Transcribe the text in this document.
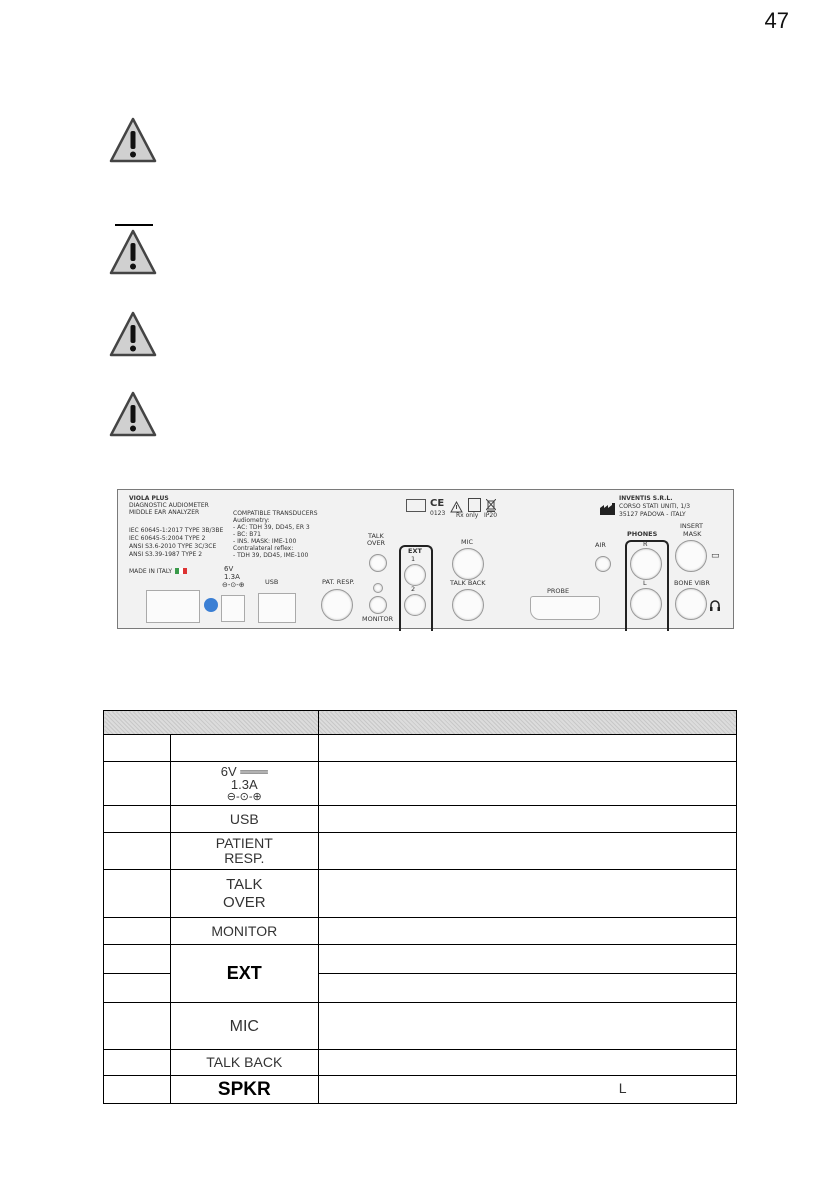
47
VIOLA PLUS
DIAGNOSTIC AUDIOMETER
MIDDLE EAR ANALYZER
IEC 60645-1:2017 TYPE 3B/3BE
IEC 60645-5:2004 TYPE 2
ANSI S3.6-2010 TYPE 3C/3CE
ANSI S3.39-1987 TYPE 2
MADE IN ITALY
COMPATIBLE TRANSDUCERS
Audiometry:
- AC: TDH 39, DD45, ER 3
- BC: B71
- INS. MASK: IME-100
Contralateral reflex:
- TDH 39, DD45, IME-100
CE
0123 Rx only IP20
INVENTIS S.R.L.
CORSO STATI UNITI, 1/3
35127 PADOVA - ITALY
6V
1.3A
⊖-⊙-⊕	USB	PAT. RESP.
TALK
OVER
MONITOR
EXT
1
2
MIC
TALK BACK
PROBE
AIR
PHONES
R
L
INSERT
MASK
▭
BONE VIBR

	6V ═══
1.3A
⊖-⊙-⊕	

	USB	

	PATIENT
RESP.	

	TALK
OVER	

	MONITOR	
	EXT	

	MIC	
	TALK BACK	
	SPKR	L
